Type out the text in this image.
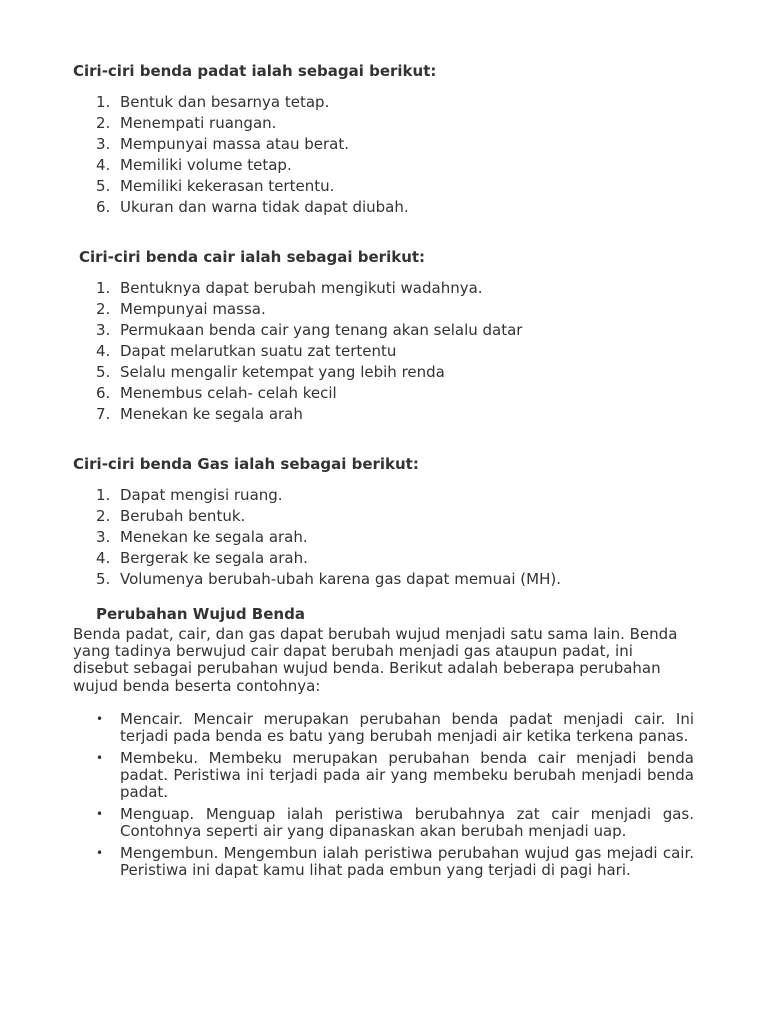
Ciri-ciri benda padat ialah sebagai berikut:
1. Bentuk dan besarnya tetap.
2. Menempati ruangan.
3. Mempunyai massa atau berat.
4. Memiliki volume tetap.
5. Memiliki kekerasan tertentu.
6. Ukuran dan warna tidak dapat diubah.
Ciri-ciri benda cair ialah sebagai berikut:
1. Bentuknya dapat berubah mengikuti wadahnya.
2. Mempunyai massa.
3. Permukaan benda cair yang tenang akan selalu datar
4. Dapat melarutkan suatu zat tertentu
5. Selalu mengalir ketempat yang lebih renda
6. Menembus celah- celah kecil
7. Menekan ke segala arah
Ciri-ciri benda Gas ialah sebagai berikut:
1. Dapat mengisi ruang.
2. Berubah bentuk.
3. Menekan ke segala arah.
4. Bergerak ke segala arah.
5. Volumenya berubah-ubah karena gas dapat memuai (MH).
Perubahan Wujud Benda

Benda padat, cair, dan gas dapat berubah wujud menjadi satu sama lain. Benda yang tadinya berwujud cair dapat berubah menjadi gas ataupun padat, ini disebut sebagai perubahan wujud benda. Berikut adalah beberapa perubahan wujud benda beserta contohnya:

• Mencair. Mencair merupakan perubahan benda padat menjadi cair. Ini terjadi pada benda es batu yang berubah menjadi air ketika terkena panas.
• Membeku. Membeku merupakan perubahan benda cair menjadi benda padat. Peristiwa ini terjadi pada air yang membeku berubah menjadi benda padat.
• Menguap. Menguap ialah peristiwa berubahnya zat cair menjadi gas. Contohnya seperti air yang dipanaskan akan berubah menjadi uap.
• Mengembun. Mengembun ialah peristiwa perubahan wujud gas mejadi cair. Peristiwa ini dapat kamu lihat pada embun yang terjadi di pagi hari.
